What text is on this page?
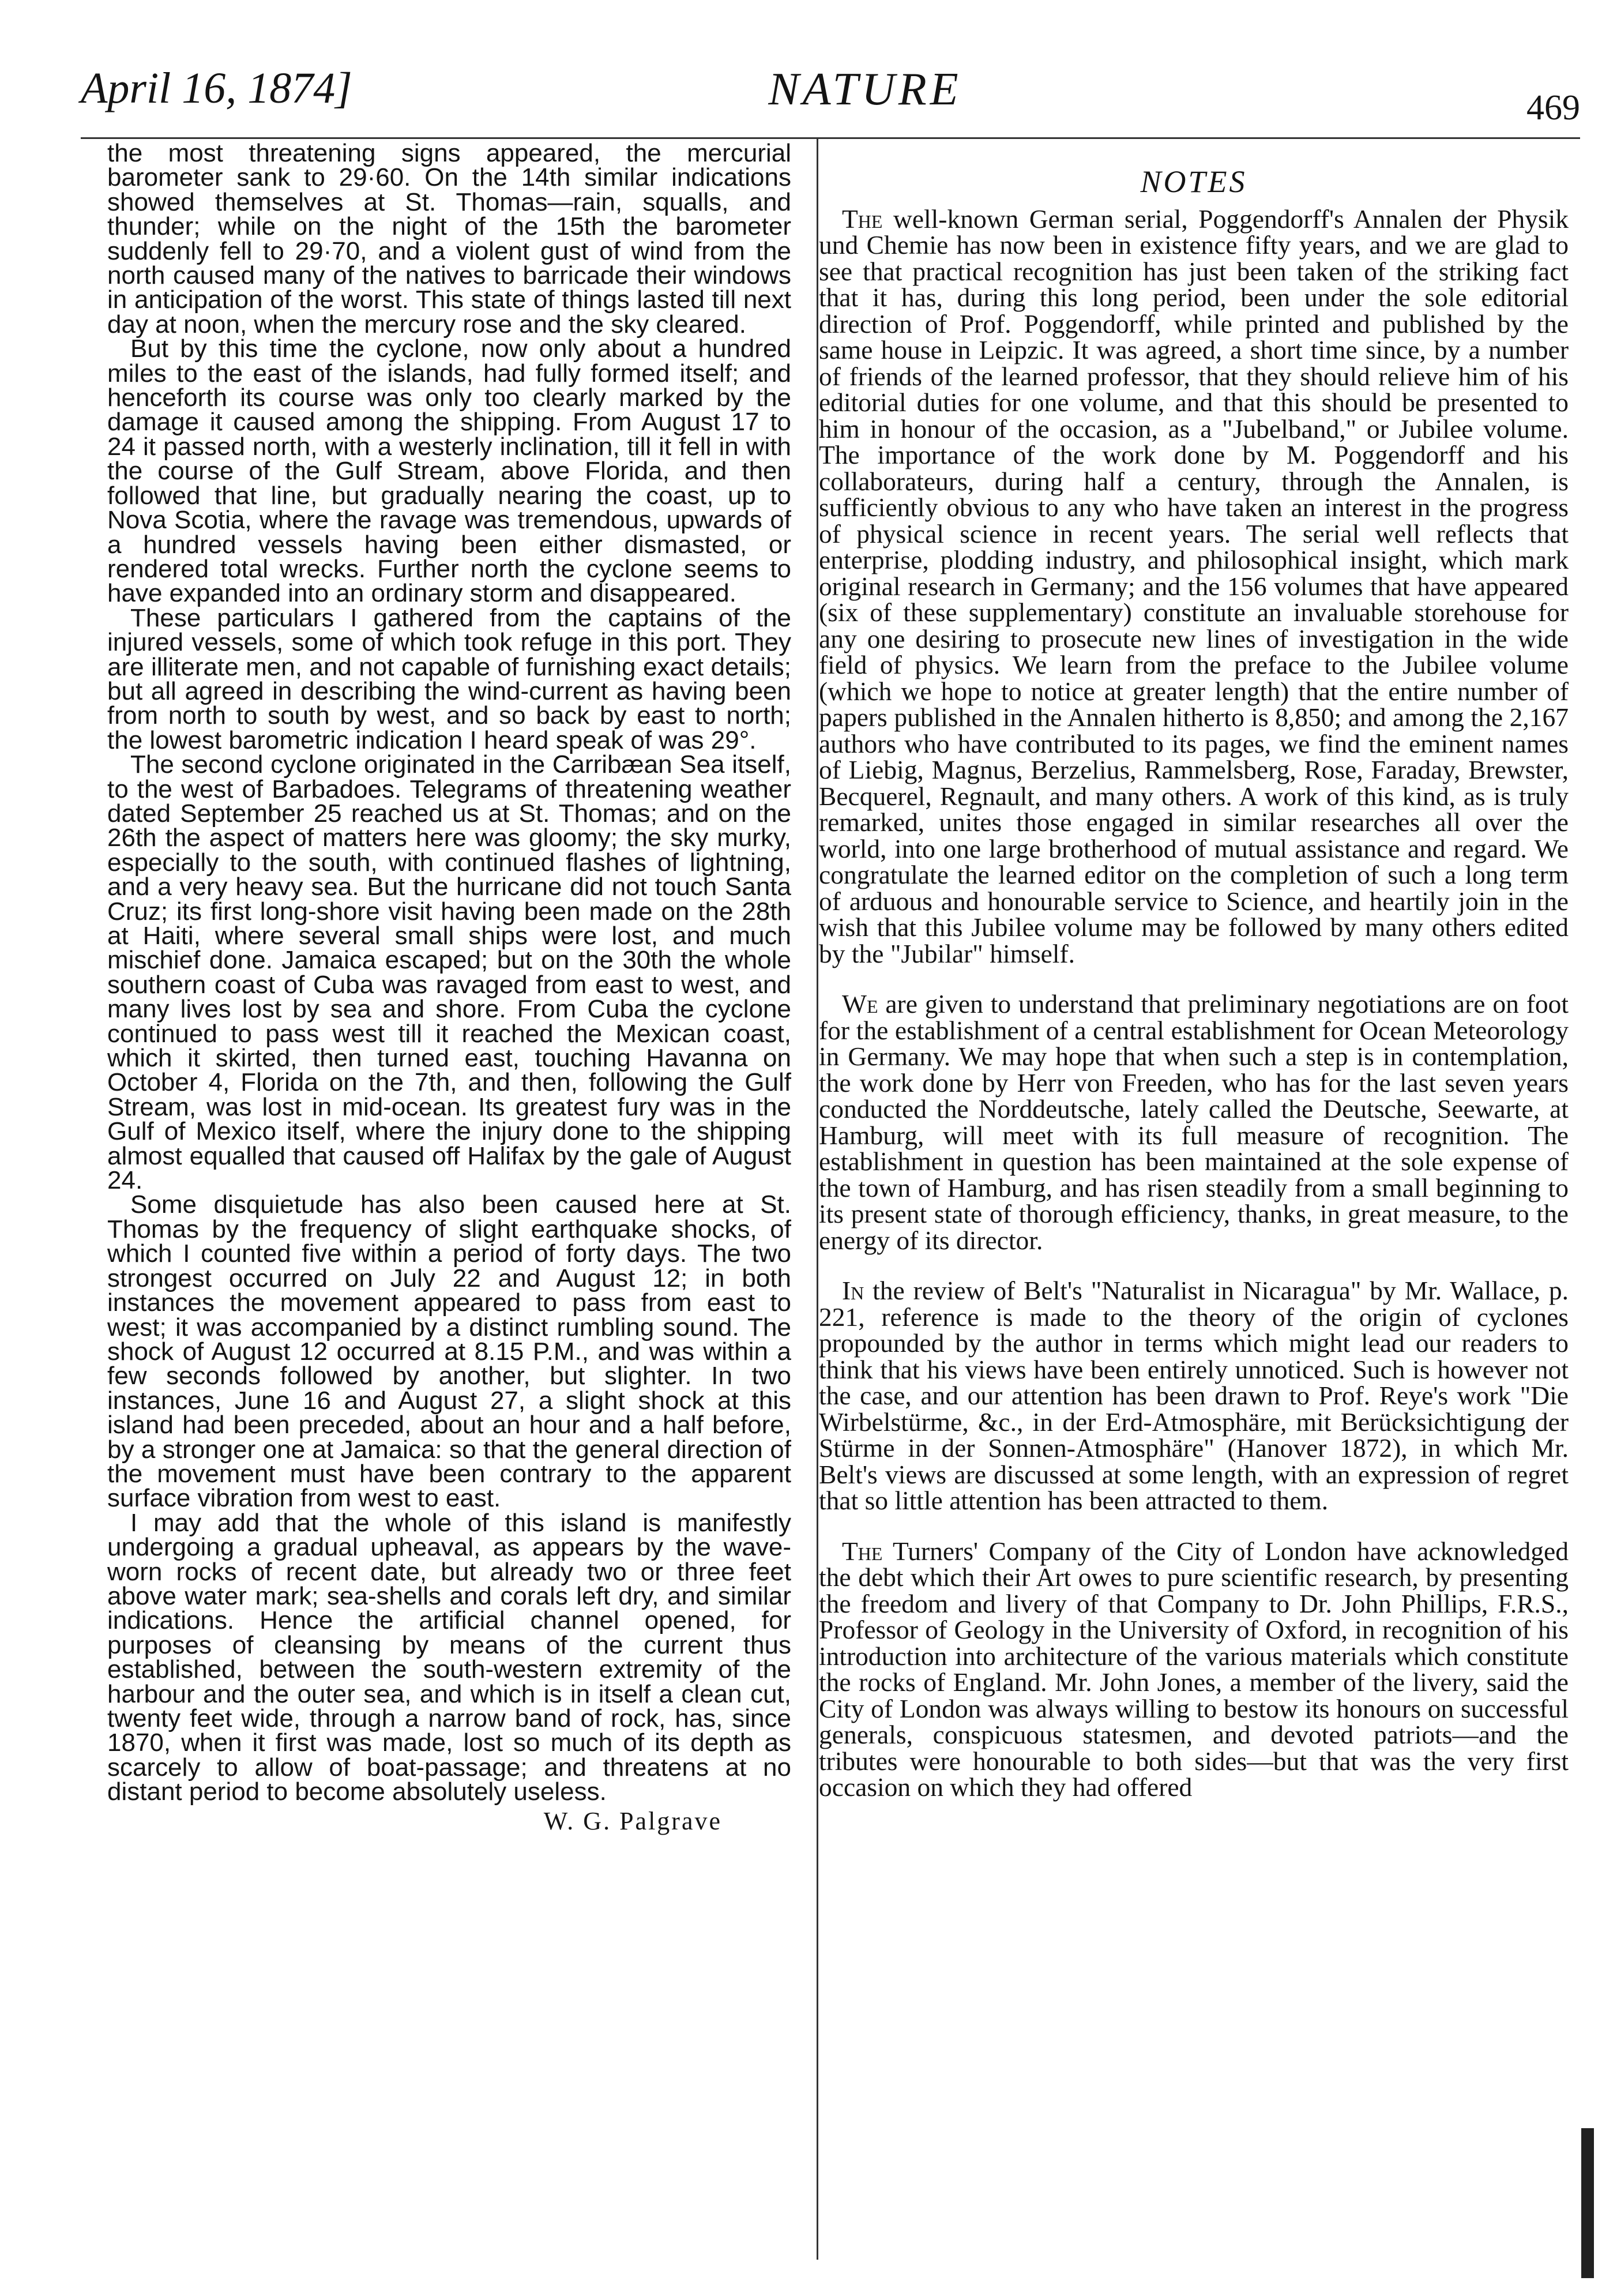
April 16, 1874]	NATURE	469

the most threatening signs appeared, the mercurial barometer sank to 29·60. On the 14th similar indications showed themselves at St. Thomas—rain, squalls, and thunder; while on the night of the 15th the barometer suddenly fell to 29·70, and a violent gust of wind from the north caused many of the natives to barricade their windows in anticipation of the worst. This state of things lasted till next day at noon, when the mercury rose and the sky cleared.

But by this time the cyclone, now only about a hundred miles to the east of the islands, had fully formed itself; and henceforth its course was only too clearly marked by the damage it caused among the shipping. From August 17 to 24 it passed north, with a westerly inclination, till it fell in with the course of the Gulf Stream, above Florida, and then followed that line, but gradually nearing the coast, up to Nova Scotia, where the ravage was tremendous, upwards of a hundred vessels having been either dismasted, or rendered total wrecks. Further north the cyclone seems to have expanded into an ordinary storm and disappeared.

These particulars I gathered from the captains of the injured vessels, some of which took refuge in this port. They are illiterate men, and not capable of furnishing exact details; but all agreed in describing the wind-current as having been from north to south by west, and so back by east to north; the lowest barometric indication I heard speak of was 29°.

The second cyclone originated in the Carribæan Sea itself, to the west of Barbadoes. Telegrams of threatening weather dated September 25 reached us at St. Thomas; and on the 26th the aspect of matters here was gloomy; the sky murky, especially to the south, with continued flashes of lightning, and a very heavy sea. But the hurricane did not touch Santa Cruz; its first long-shore visit having been made on the 28th at Haiti, where several small ships were lost, and much mischief done. Jamaica escaped; but on the 30th the whole southern coast of Cuba was ravaged from east to west, and many lives lost by sea and shore. From Cuba the cyclone continued to pass west till it reached the Mexican coast, which it skirted, then turned east, touching Havanna on October 4, Florida on the 7th, and then, following the Gulf Stream, was lost in mid-ocean. Its greatest fury was in the Gulf of Mexico itself, where the injury done to the shipping almost equalled that caused off Halifax by the gale of August 24.

Some disquietude has also been caused here at St. Thomas by the frequency of slight earthquake shocks, of which I counted five within a period of forty days. The two strongest occurred on July 22 and August 12; in both instances the movement appeared to pass from east to west; it was accompanied by a distinct rumbling sound. The shock of August 12 occurred at 8.15 P.M., and was within a few seconds followed by another, but slighter. In two instances, June 16 and August 27, a slight shock at this island had been preceded, about an hour and a half before, by a stronger one at Jamaica: so that the general direction of the movement must have been contrary to the apparent surface vibration from west to east.

I may add that the whole of this island is manifestly undergoing a gradual upheaval, as appears by the wave-worn rocks of recent date, but already two or three feet above water mark; sea-shells and corals left dry, and similar indications. Hence the artificial channel opened, for purposes of cleansing by means of the current thus established, between the south-western extremity of the harbour and the outer sea, and which is in itself a clean cut, twenty feet wide, through a narrow band of rock, has, since 1870, when it first was made, lost so much of its depth as scarcely to allow of boat-passage; and threatens at no distant period to become absolutely useless.

W. G. Palgrave

NOTES

The well-known German serial, Poggendorff's Annalen der Physik und Chemie has now been in existence fifty years, and we are glad to see that practical recognition has just been taken of the striking fact that it has, during this long period, been under the sole editorial direction of Prof. Poggendorff, while printed and published by the same house in Leipzic. It was agreed, a short time since, by a number of friends of the learned professor, that they should relieve him of his editorial duties for one volume, and that this should be presented to him in honour of the occasion, as a "Jubelband," or Jubilee volume. The importance of the work done by M. Poggendorff and his collaborateurs, during half a century, through the Annalen, is sufficiently obvious to any who have taken an interest in the progress of physical science in recent years. The serial well reflects that enterprise, plodding industry, and philosophical insight, which mark original research in Germany; and the 156 volumes that have appeared (six of these supplementary) constitute an invaluable storehouse for any one desiring to prosecute new lines of investigation in the wide field of physics. We learn from the preface to the Jubilee volume (which we hope to notice at greater length) that the entire number of papers published in the Annalen hitherto is 8,850; and among the 2,167 authors who have contributed to its pages, we find the eminent names of Liebig, Magnus, Berzelius, Rammelsberg, Rose, Faraday, Brewster, Becquerel, Regnault, and many others. A work of this kind, as is truly remarked, unites those engaged in similar researches all over the world, into one large brotherhood of mutual assistance and regard. We congratulate the learned editor on the completion of such a long term of arduous and honourable service to Science, and heartily join in the wish that this Jubilee volume may be followed by many others edited by the "Jubilar" himself.

We are given to understand that preliminary negotiations are on foot for the establishment of a central establishment for Ocean Meteorology in Germany. We may hope that when such a step is in contemplation, the work done by Herr von Freeden, who has for the last seven years conducted the Norddeutsche, lately called the Deutsche, Seewarte, at Hamburg, will meet with its full measure of recognition. The establishment in question has been maintained at the sole expense of the town of Hamburg, and has risen steadily from a small beginning to its present state of thorough efficiency, thanks, in great measure, to the energy of its director.

In the review of Belt's "Naturalist in Nicaragua" by Mr. Wallace, p. 221, reference is made to the theory of the origin of cyclones propounded by the author in terms which might lead our readers to think that his views have been entirely unnoticed. Such is however not the case, and our attention has been drawn to Prof. Reye's work "Die Wirbelstürme, &c., in der Erd-Atmosphäre, mit Berücksichtigung der Stürme in der Sonnen-Atmosphäre" (Hanover 1872), in which Mr. Belt's views are discussed at some length, with an expression of regret that so little attention has been attracted to them.

The Turners' Company of the City of London have acknowledged the debt which their Art owes to pure scientific research, by presenting the freedom and livery of that Company to Dr. John Phillips, F.R.S., Professor of Geology in the University of Oxford, in recognition of his introduction into architecture of the various materials which constitute the rocks of England. Mr. John Jones, a member of the livery, said the City of London was always willing to bestow its honours on successful generals, conspicuous statesmen, and devoted patriots—and the tributes were honourable to both sides—but that was the very first occasion on which they had offered
